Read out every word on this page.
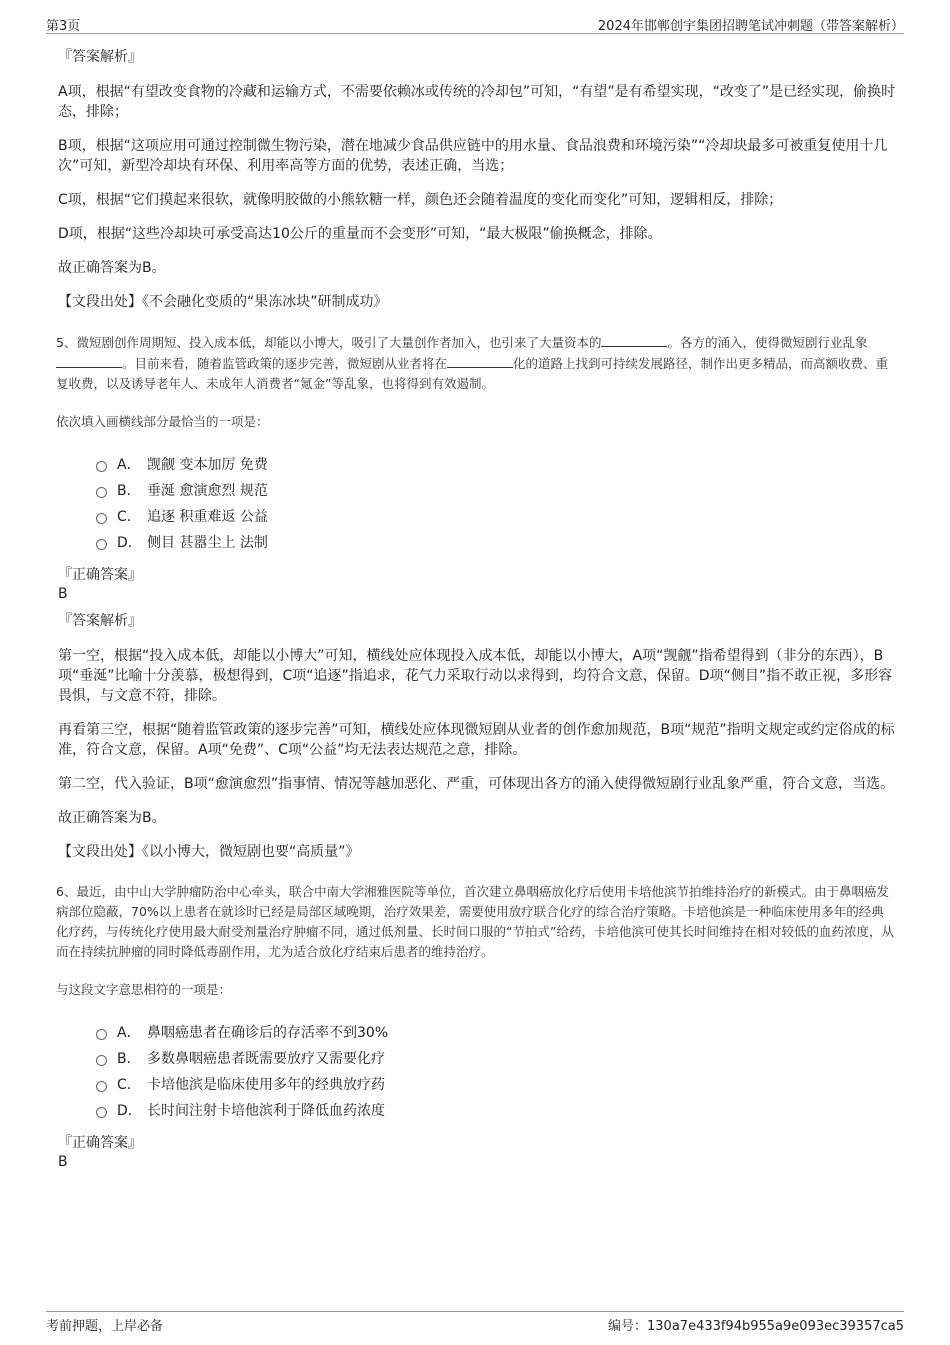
第3页	2024年邯郸创宇集团招聘笔试冲刺题（带答案解析）
『答案解析』
A项，根据“有望改变食物的冷藏和运输方式，不需要依赖冰或传统的冷却包”可知，“有望”是有希望实现，“改变了”是已经实现，偷换时态，排除；
B项，根据“这项应用可通过控制微生物污染，潜在地减少食品供应链中的用水量、食品浪费和环境污染”“冷却块最多可被重复使用十几次”可知，新型冷却块有环保、利用率高等方面的优势，表述正确，当选；
C项，根据“它们摸起来很软，就像明胶做的小熊软糖一样，颜色还会随着温度的变化而变化”可知，逻辑相反，排除；
D项，根据“这些冷却块可承受高达10公斤的重量而不会变形”可知，“最大极限”偷换概念，排除。
故正确答案为B。
【文段出处】《不会融化变质的“果冻冰块”研制成功》
5、微短剧创作周期短、投入成本低，却能以小博大，吸引了大量创作者加入，也引来了大量资本的	。各方的涌入，使得微短剧行业乱象。目前来看，随着监管政策的逐步完善，微短剧从业者将在	化的道路上找到可持续发展路径，制作出更多精品，而高额收费、重复收费，以及诱导老年人、未成年人消费者“氪金”等乱象，也将得到有效遏制。
依次填入画横线部分最恰当的一项是：
A． 觊觎 变本加厉 免费
B． 垂涎 愈演愈烈 规范
C． 追逐 积重难返 公益
D． 侧目 甚嚣尘上 法制
『正确答案』
B
『答案解析』
第一空，根据“投入成本低，却能以小博大”可知，横线处应体现投入成本低，却能以小博大，A项“觊觎”指希望得到（非分的东西），B项“垂涎”比喻十分羡慕，极想得到，C项“追逐”指追求，花气力采取行动以求得到，均符合文意，保留。D项“侧目”指不敢正视，多形容畏惧，与文意不符，排除。
再看第三空，根据“随着监管政策的逐步完善”可知，横线处应体现微短剧从业者的创作愈加规范，B项“规范”指明文规定或约定俗成的标准，符合文意，保留。A项“免费”、C项“公益”均无法表达规范之意，排除。
第二空，代入验证，B项“愈演愈烈”指事情、情况等越加恶化、严重，可体现出各方的涌入使得微短剧行业乱象严重，符合文意，当选。
故正确答案为B。
【文段出处】《以小博大，微短剧也要“高质量”》
6、最近，由中山大学肿瘤防治中心牵头，联合中南大学湘雅医院等单位，首次建立鼻咽癌放化疗后使用卡培他滨节拍维持治疗的新模式。由于鼻咽癌发病部位隐蔽，70%以上患者在就诊时已经是局部区域晚期，治疗效果差，需要使用放疗联合化疗的综合治疗策略。卡培他滨是一种临床使用多年的经典化疗药，与传统化疗使用最大耐受剂量治疗肿瘤不同，通过低剂量、长时间口服的“节拍式”给药，卡培他滨可使其长时间维持在相对较低的血药浓度，从而在持续抗肿瘤的同时降低毒副作用，尤为适合放化疗结束后患者的维持治疗。
与这段文字意思相符的一项是：
A． 鼻咽癌患者在确诊后的存活率不到30%
B． 多数鼻咽癌患者既需要放疗又需要化疗
C． 卡培他滨是临床使用多年的经典放疗药
D． 长时间注射卡培他滨利于降低血药浓度
『正确答案』
B
考前押题，上岸必备	编号：130a7e433f94b955a9e093ec39357ca5
